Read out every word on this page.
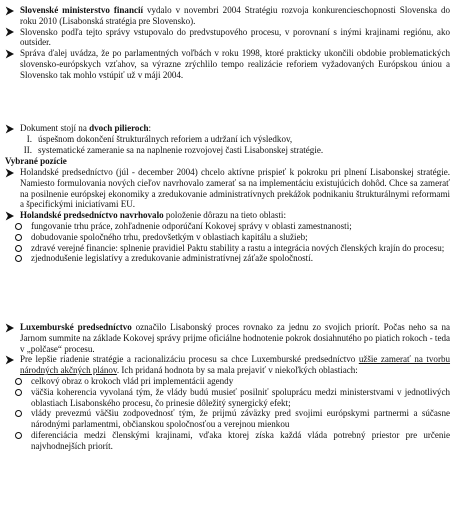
Slovenské ministerstvo financií vydalo v novembri 2004 Stratégiu rozvoja konkurencieschopnosti Slovenska do roku 2010 (Lisabonská stratégia pre Slovensko).
Slovensko podľa tejto správy vstupovalo do predvstupového procesu, v porovnaní s inými krajinami regiónu, ako outsider.
Správa ďalej uvádza, že po parlamentných voľbách v roku 1998, ktoré prakticky ukončili obdobie problematických slovensko-európskych vzťahov, sa výrazne zrýchlilo tempo realizácie reforiem vyžadovaných Európskou úniou a Slovensko tak mohlo vstúpiť už v máji 2004.
Dokument stojí na dvoch pilieroch:
I. úspešnom dokončení štrukturálnych reforiem a udržaní ich výsledkov,
II. systematické zameranie sa na naplnenie rozvojovej časti Lisabonskej stratégie.
Vybrané pozície
Holandské predsedníctvo (júl - december 2004) chcelo aktívne prispieť k pokroku pri plnení Lisabonskej stratégie. Namiesto formulovania nových cieľov navrhovalo zamerať sa na implementáciu existujúcich dohôd. Chce sa zamerať na posilnenie európskej ekonomiky a zredukovanie administratívnych prekážok podnikaniu štrukturálnymi reformami a špecifickými iniciatívami EU.
Holandské predsedníctvo navrhovalo položenie dôrazu na tieto oblasti:
fungovanie trhu práce, zohľadnenie odporúčaní Kokovej správy v oblasti zamestnanosti;
dobudovanie spoločného trhu, predovšetkým v oblastiach kapitálu a služieb;
zdravé verejné financie: splnenie pravidiel Paktu stability a rastu a integrácia nových členských krajín do procesu;
zjednodušenie legislatívy a zredukovanie administratívnej záťaže spoločností.
Luxemburské predsedníctvo označilo Lisabonský proces rovnako za jednu zo svojich priorít. Počas neho sa na Jarnom summite na základe Kokovej správy prijme oficiálne hodnotenie pokrok dosiahnutého po piatich rokoch - teda v „polčase“ procesu.
Pre lepšie riadenie stratégie a racionalizáciu procesu sa chce Luxemburské predsedníctvo užšie zamerať na tvorbu národných akčných plánov. Ich pridaná hodnota by sa mala prejaviť v niekoľkých oblastiach:
celkový obraz o krokoch vlád pri implementácii agendy
väčšia koherencia vyvolaná tým, že vlády budú musieť posilniť spoluprácu medzi ministerstvami v jednotlivých oblastiach Lisabonského procesu, čo prinesie dôležitý synergický efekt;
vlády prevezmú väčšiu zodpovednosť tým, že prijmú záväzky pred svojimi európskymi partnermi a súčasne národnými parlamentmi, občianskou spoločnosťou a verejnou mienkou
diferenciácia medzi členskými krajinami, vďaka ktorej získa každá vláda potrebný priestor pre určenie najvhodnejších priorít.
